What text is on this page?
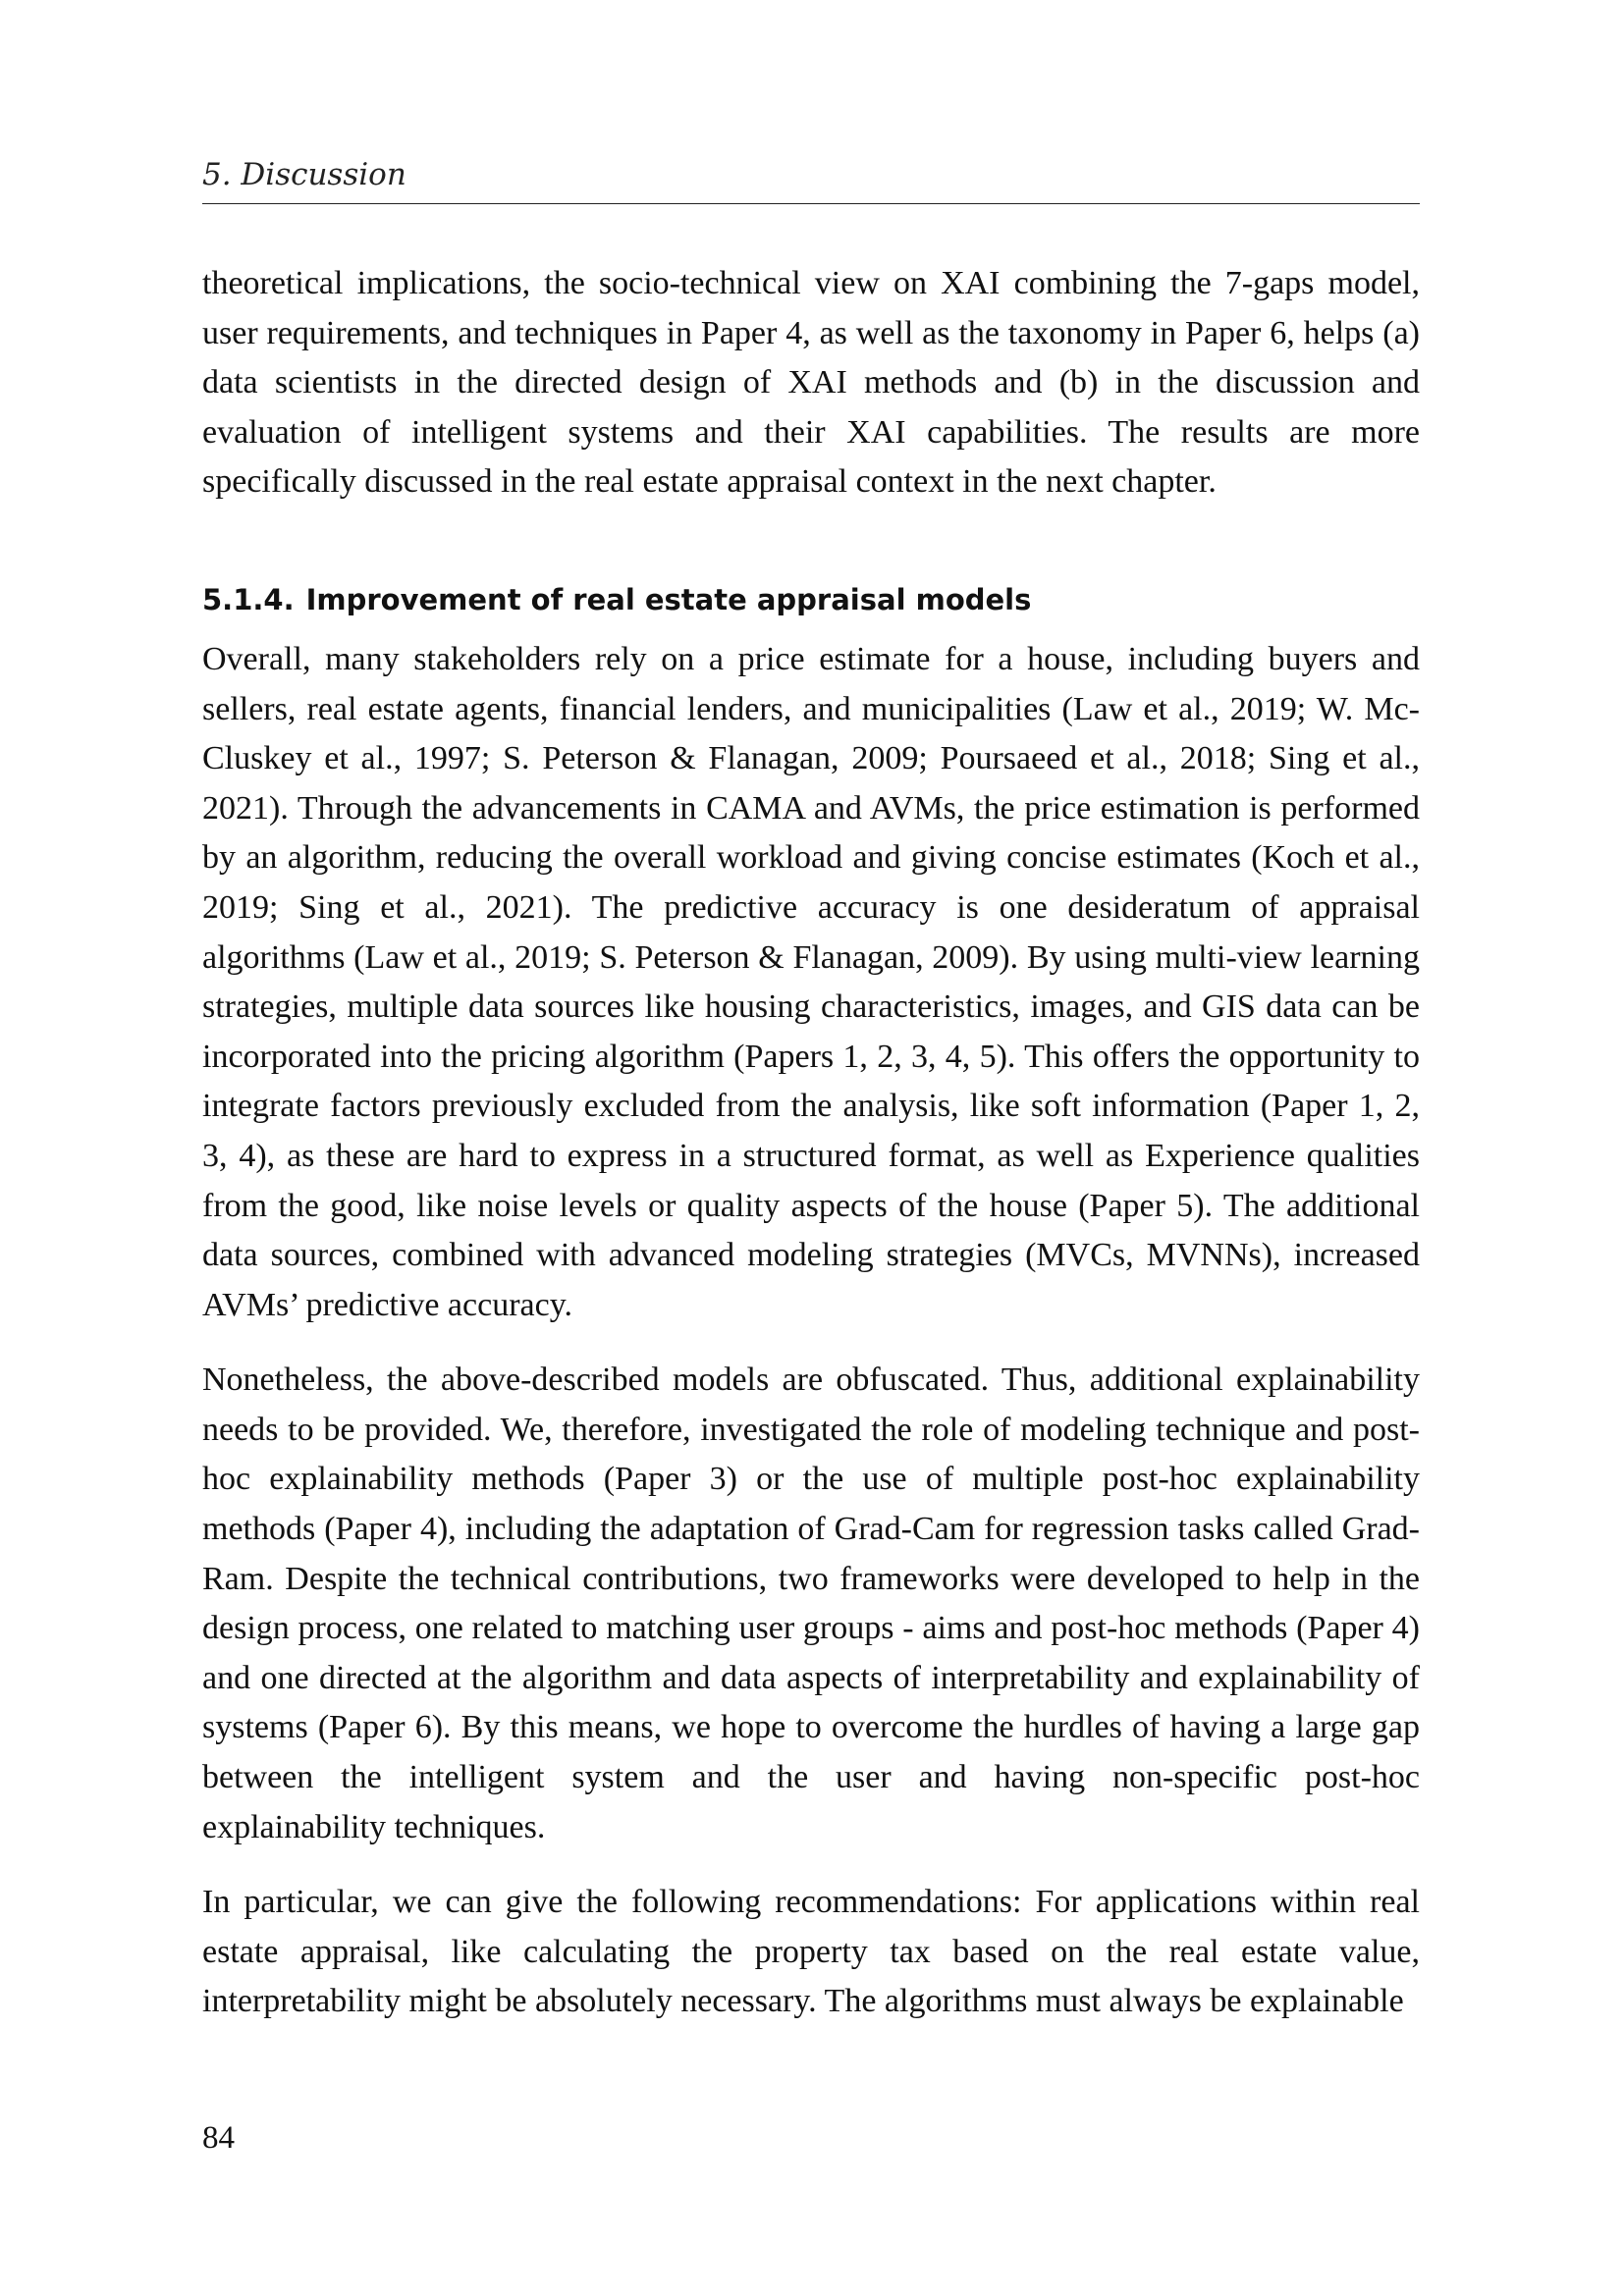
5. Discussion

theoretical implications, the socio-technical view on XAI combining the 7-gaps model, user requirements, and techniques in Paper 4, as well as the taxonomy in Paper 6, helps (a) data scientists in the directed design of XAI methods and (b) in the discussion and evaluation of intelligent systems and their XAI capabilities. The results are more specifically discussed in the real estate appraisal context in the next chapter.

5.1.4. Improvement of real estate appraisal models

Overall, many stakeholders rely on a price estimate for a house, including buyers and sellers, real estate agents, financial lenders, and municipalities (Law et al., 2019; W. Mc-Cluskey et al., 1997; S. Peterson & Flanagan, 2009; Poursaeed et al., 2018; Sing et al., 2021). Through the advancements in CAMA and AVMs, the price estimation is performed by an algorithm, reducing the overall workload and giving concise estimates (Koch et al., 2019; Sing et al., 2021). The predictive accuracy is one desideratum of appraisal algorithms (Law et al., 2019; S. Peterson & Flanagan, 2009). By using multi-view learning strategies, multiple data sources like housing characteristics, images, and GIS data can be incorporated into the pricing algorithm (Papers 1, 2, 3, 4, 5). This offers the opportunity to integrate factors previously excluded from the analysis, like soft information (Paper 1, 2, 3, 4), as these are hard to express in a structured format, as well as Experience qualities from the good, like noise levels or quality aspects of the house (Paper 5). The additional data sources, combined with advanced modeling strategies (MVCs, MVNNs), increased AVMs’ predictive accuracy.

Nonetheless, the above-described models are obfuscated. Thus, additional explainability needs to be provided. We, therefore, investigated the role of modeling technique and post-hoc explainability methods (Paper 3) or the use of multiple post-hoc explainability methods (Paper 4), including the adaptation of Grad-Cam for regression tasks called Grad-Ram. Despite the technical contributions, two frameworks were developed to help in the design process, one related to matching user groups - aims and post-hoc methods (Paper 4) and one directed at the algorithm and data aspects of interpretability and explainability of systems (Paper 6). By this means, we hope to overcome the hurdles of having a large gap between the intelligent system and the user and having non-specific post-hoc explainability techniques.

In particular, we can give the following recommendations: For applications within real estate appraisal, like calculating the property tax based on the real estate value, interpretability might be absolutely necessary. The algorithms must always be explainable

84
